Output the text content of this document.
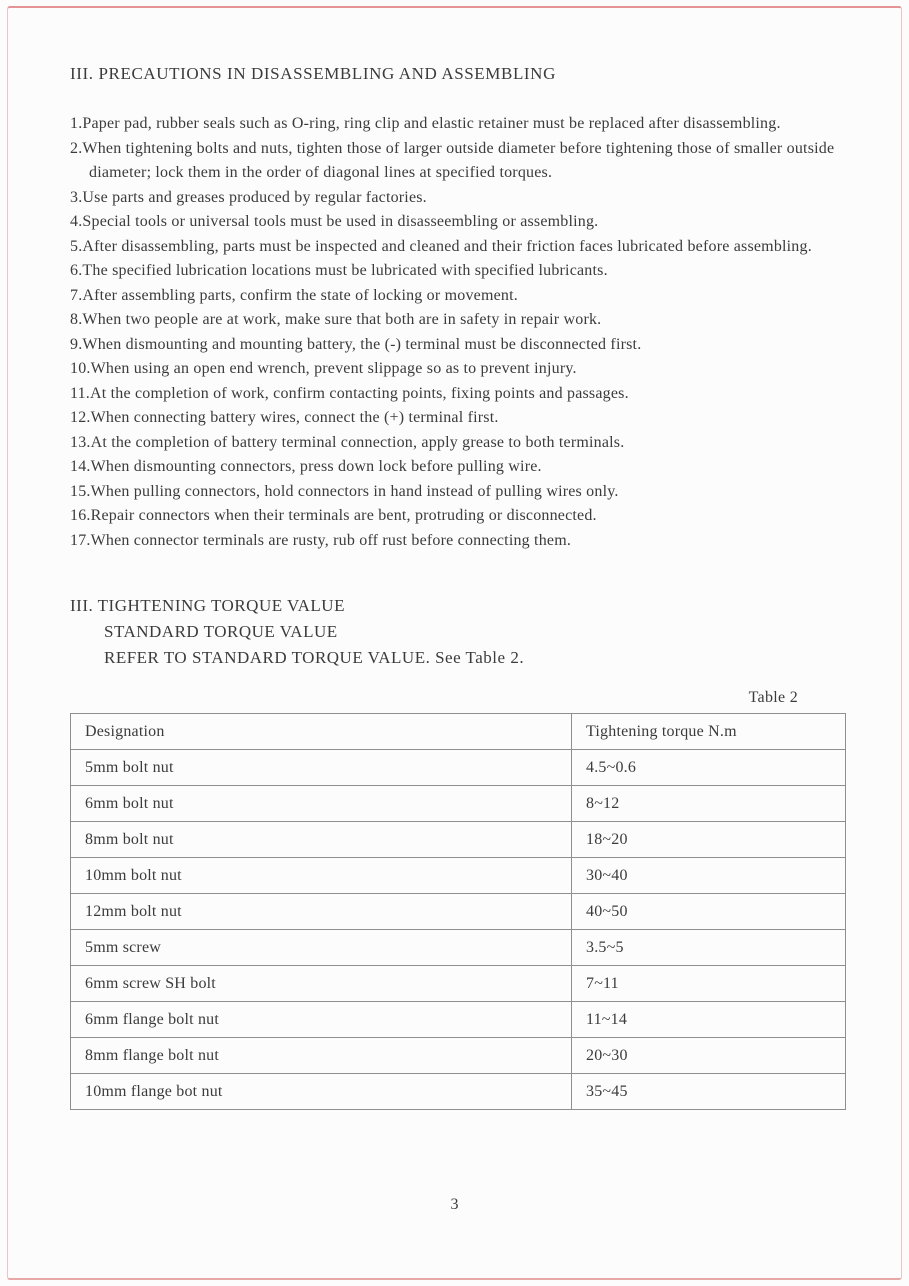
III. PRECAUTIONS IN DISASSEMBLING AND ASSEMBLING
1.Paper pad, rubber seals such as O-ring, ring clip and elastic retainer must be replaced after disassembling.
2.When tightening bolts and nuts, tighten those of larger outside diameter before tightening those of smaller outside diameter; lock them in the order of diagonal lines at specified torques.
3.Use parts and greases produced by regular factories.
4.Special tools or universal tools must be used in disasseembling or assembling.
5.After disassembling, parts must be inspected and cleaned and their friction faces lubricated before assembling.
6.The specified lubrication locations must be lubricated with specified lubricants.
7.After assembling parts, confirm the state of locking or movement.
8.When two people are at work, make sure that both are in safety in repair work.
9.When dismounting and mounting battery, the (-) terminal must be disconnected first.
10.When using an open end wrench, prevent slippage so as to prevent injury.
11.At the completion of work, confirm contacting points, fixing points and passages.
12.When connecting battery wires, connect the (+) terminal first.
13.At the completion of battery terminal connection, apply grease to both terminals.
14.When dismounting connectors, press down lock before pulling wire.
15.When pulling connectors, hold connectors in hand instead of pulling wires only.
16.Repair connectors when their terminals are bent, protruding or disconnected.
17.When connector terminals are rusty, rub off rust before connecting them.
III. TIGHTENING TORQUE VALUE
STANDARD TORQUE VALUE
REFER TO STANDARD TORQUE VALUE. See Table 2.
Table 2
Designation	Tightening torque N.m
5mm bolt nut	4.5~0.6
6mm bolt nut	8~12
8mm bolt nut	18~20
10mm bolt nut	30~40
12mm bolt nut	40~50
5mm screw	3.5~5
6mm screw SH bolt	7~11
6mm flange bolt nut	11~14
8mm flange bolt nut	20~30
10mm flange bot nut	35~45
3
